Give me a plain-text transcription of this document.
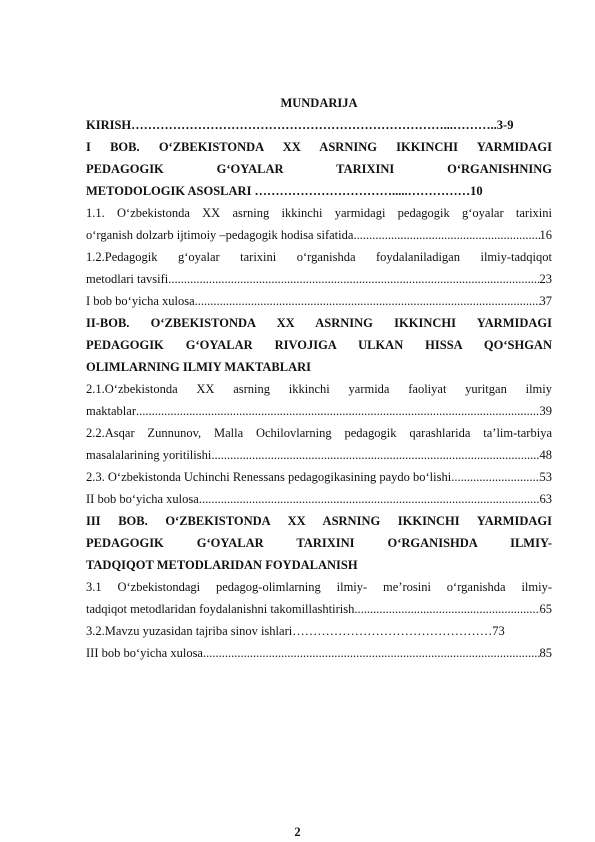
MUNDARIJA
KIRISH…………………………………………………………………...………..3-9
I BOB. O‘ZBEKISTONDA XX ASRNING IKKINCHI YARMIDAGI
PEDAGOGIK G‘OYALAR TARIXINI O‘RGANISHNING
METODOLOGIK ASOSLARI …………………………….....……………10
1.1. O‘zbekistonda XX asrning ikkinchi yarmidagi pedagogik g‘oyalar tarixini
o‘rganish dolzarb ijtimoiy –pedagogik hodisa sifatida .....	16
1.2.Pedagogik g‘oyalar tarixini o‘rganishda foydalaniladigan ilmiy-tadqiqot
metodlari tavsifi .....	23
I bob bo‘yicha xulosa .....	37
II-BOB. O‘ZBEKISTONDA XX ASRNING IKKINCHI YARMIDAGI
PEDAGOGIK G‘OYALAR RIVOJIGA ULKAN HISSA QO‘SHGAN
OLIMLARNING ILMIY MAKTABLARI
2.1.O‘zbekistonda XX asrning ikkinchi yarmida faoliyat yuritgan ilmiy
maktablar .....	39
2.2.Asqar Zunnunov, Malla Ochilovlarning pedagogik qarashlarida ta’lim-tarbiya
masalalarining yoritilishi .....	48
2.3. O‘zbekistonda Uchinchi Renessans pedagogikasining paydo bo‘lishi .....	53
II bob bo‘yicha xulosa .....	63
III BOB. O‘ZBEKISTONDA XX ASRNING IKKINCHI YARMIDAGI
PEDAGOGIK G‘OYALAR TARIXINI O‘RGANISHDA ILMIY-
TADQIQOT METODLARIDAN FOYDALANISH
3.1 O‘zbekistondagi pedagog-olimlarning ilmiy- me’rosini o‘rganishda ilmiy-
tadqiqot metodlaridan foydalanishni takomillashtirish .....	65
3.2.Mavzu yuzasidan tajriba sinov ishlari…………………………………………73
III bob bo‘yicha xulosa .....	85
2
